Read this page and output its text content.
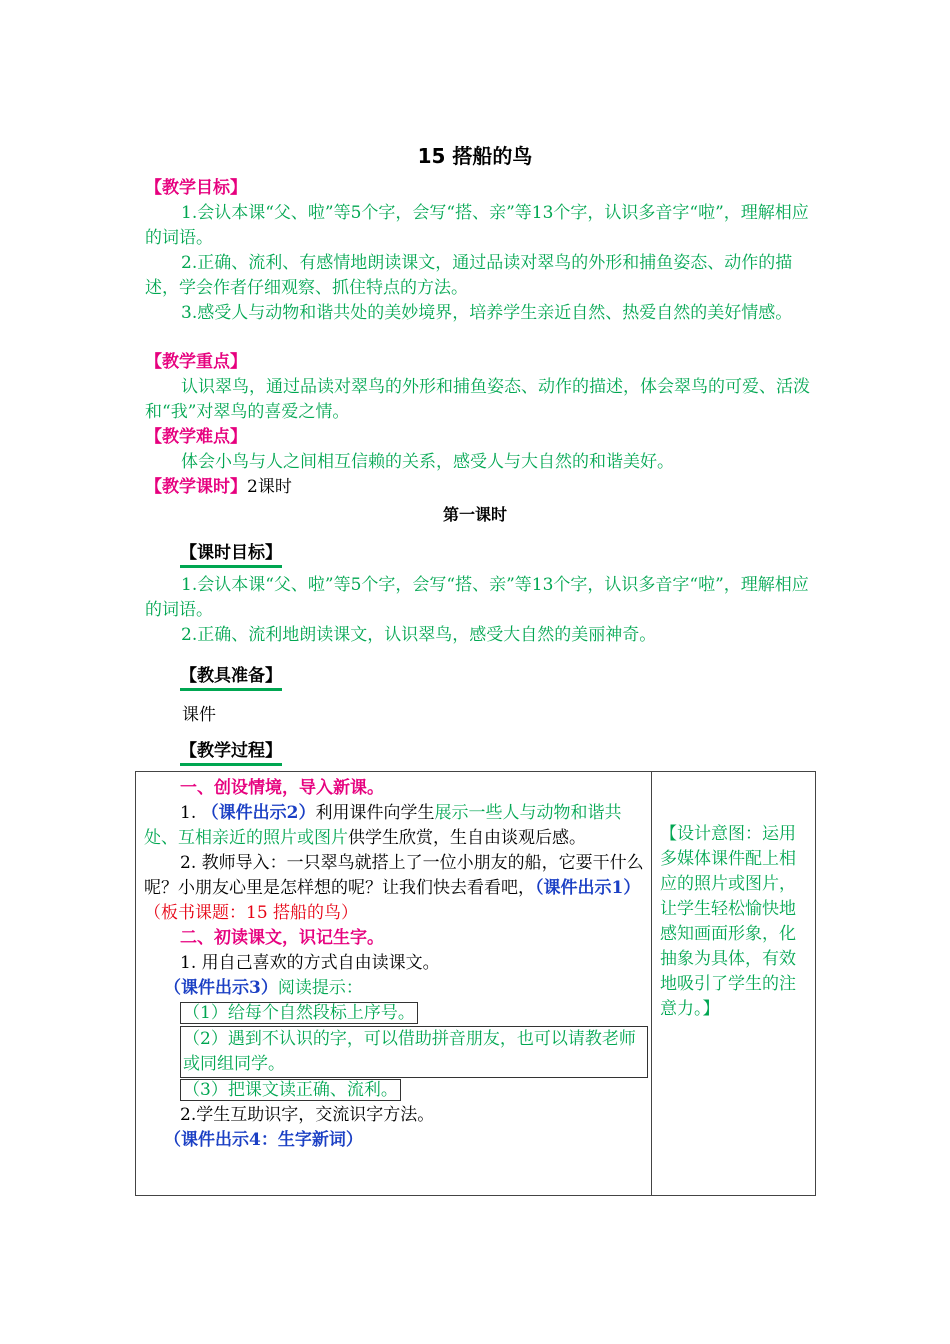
15 搭船的鸟
【教学目标】
1.会认本课“父、啦”等5个字，会写“搭、亲”等13个字，认识多音字“啦”，理解相应的词语。
2.正确、流利、有感情地朗读课文，通过品读对翠鸟的外形和捕鱼姿态、动作的描述，学会作者仔细观察、抓住特点的方法。
3.感受人与动物和谐共处的美妙境界，培养学生亲近自然、热爱自然的美好情感。
【教学重点】
认识翠鸟，通过品读对翠鸟的外形和捕鱼姿态、动作的描述，体会翠鸟的可爱、活泼和“我”对翠鸟的喜爱之情。
【教学难点】
体会小鸟与人之间相互信赖的关系，感受人与大自然的和谐美好。
【教学课时】2课时
第一课时
【课时目标】
1.会认本课“父、啦”等5个字，会写“搭、亲”等13个字，认识多音字“啦”，理解相应的词语。
2.正确、流利地朗读课文，认识翠鸟，感受大自然的美丽神奇。
【教具准备】
课件
【教学过程】
一、创设情境，导入新课。
1. （课件出示2）利用课件向学生展示一些人与动物和谐共处、互相亲近的照片或图片供学生欣赏，生自由谈观后感。
2. 教师导入：一只翠鸟就搭上了一位小朋友的船，它要干什么呢？小朋友心里是怎样想的呢？让我们快去看看吧，（课件出示1）（板书课题：15 搭船的鸟）
二、初读课文，识记生字。
1. 用自己喜欢的方式自由读课文。
（课件出示3）阅读提示：
（1）给每个自然段标上序号。
（2）遇到不认识的字，可以借助拼音朋友，也可以请教老师或同组同学。
（3）把课文读正确、流利。
2.学生互助识字，交流识字方法。
（课件出示4：生字新词）

【设计意图：运用多媒体课件配上相应的照片或图片，让学生轻松愉快地感知画面形象，化抽象为具体，有效地吸引了学生的注意力。】
